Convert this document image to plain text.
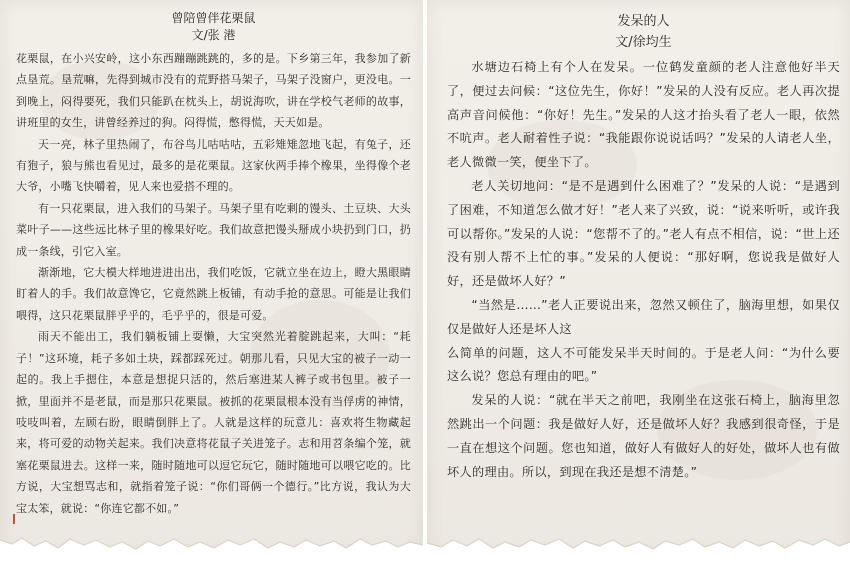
曾陪曾伴花栗鼠

文/张 港

花栗鼠，在小兴安岭，这小东西蹦蹦跳跳的，多的是。下乡第三年，我参加了新点垦荒。垦荒嘛，先得到城市没有的荒野搭马架子，马架子没窗户，更没电。一到晚上，闷得要死，我们只能趴在枕头上，胡说海吹，讲在学校气老师的故事，讲班里的女生，讲曾经养过的狗。闷得慌，憋得慌，天天如是。

天一亮，林子里热闹了，布谷鸟儿咕咕咕，五彩雉雉忽地飞起，有兔子，还有狍子，狼与熊也看见过，最多的是花栗鼠。这家伙两手捧个橡果，坐得像个老大爷，小嘴飞快嚼着，见人来也爱搭不理的。

有一只花栗鼠，进入我们的马架子。马架子里有吃剩的馒头、土豆块、大头菜叶子——这些远比林子里的橡果好吃。我们故意把馒头掰成小块扔到门口，扔成一条线，引它入室。

渐渐地，它大模大样地进进出出，我们吃饭，它就立坐在边上，瞪大黑眼睛盯着人的手。我们故意馋它，它竟然跳上板铺，有动手抢的意思。可能是让我们喂得，这只花栗鼠胖乎乎的，毛乎乎的，很是可爱。

雨天不能出工，我们躺板铺上耍懒，大宝突然光着腚跳起来，大叫：“耗子！”这环境，耗子多如土块，踩都踩死过。朝那儿看，只见大宝的被子一动一起的。我上手摁住，本意是想捉只活的，然后塞进某人裤子或书包里。被子一掀，里面并不是老鼠，而是那只花栗鼠。被抓的花栗鼠根本没有当俘虏的神情，吱吱叫着，左顾右盼，眼睛倒胖上了。人就是这样的玩意儿：喜欢将生物藏起来，将可爱的动物关起来。我们决意将花鼠子关进笼子。志和用苕条编个笼，就塞花栗鼠进去。这样一来，随时随地可以逗它玩它，随时随地可以喂它吃的。比方说，大宝想骂志和，就指着笼子说：“你们哥俩一个德行。”比方说，我认为大宝太笨，就说：“你连它都不如。”

发呆的人

文/徐均生

水塘边石椅上有个人在发呆。一位鹤发童颜的老人注意他好半天了，便过去问候：“这位先生，你好！”发呆的人没有反应。老人再次提高声音问候他：“你好！先生。”发呆的人这才抬头看了老人一眼，依然不吭声。老人耐着性子说：“我能跟你说说话吗？”发呆的人请老人坐，老人微微一笑，便坐下了。

老人关切地问：“是不是遇到什么困难了？”发呆的人说：“是遇到了困难，不知道怎么做才好！”老人来了兴致，说：“说来听听，或许我可以帮你。”发呆的人说：“您帮不了的。”老人有点不相信，说：“世上还没有别人帮不上忙的事。”发呆的人便说：“那好啊，您说我是做好人好，还是做坏人好？”

“当然是……”老人正要说出来，忽然又顿住了，脑海里想，如果仅仅是做好人还是坏人这

么简单的问题，这人不可能发呆半天时间的。于是老人问：“为什么要这么说？您总有理由的吧。”

发呆的人说：“就在半天之前吧，我刚坐在这张石椅上，脑海里忽然跳出一个问题：我是做好人好，还是做坏人好？我感到很奇怪，于是一直在想这个问题。您也知道，做好人有做好人的好处，做坏人也有做坏人的理由。所以，到现在我还是想不清楚。”
